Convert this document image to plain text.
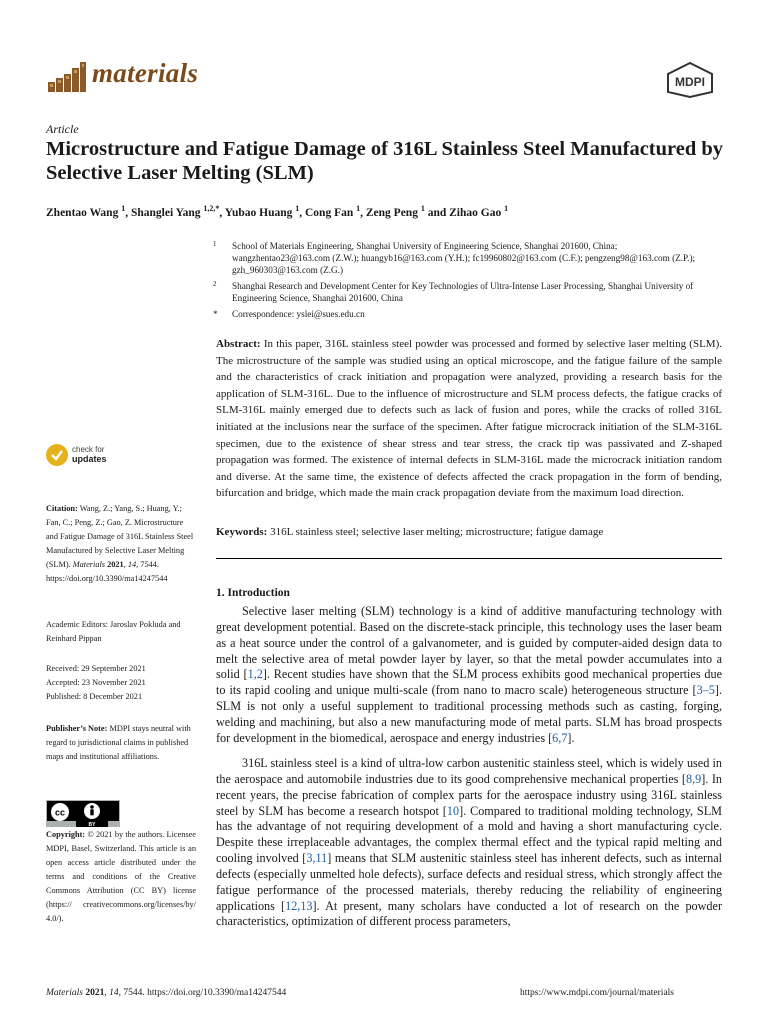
materials	MDPI
Article
Microstructure and Fatigue Damage of 316L Stainless Steel Manufactured by Selective Laser Melting (SLM)
Zhentao Wang $^1$, Shanglei Yang $^{1,2,*}$, Yubao Huang $^1$, Cong Fan $^1$, Zeng Peng $^1$ and Zihao Gao $^1$
1 School of Materials Engineering, Shanghai University of Engineering Science, Shanghai 201600, China; wangzhentao23@163.com (Z.W.); huangyb16@163.com (Y.H.); fc19960802@163.com (C.F.); pengzeng98@163.com (Z.P.); gzh_960303@163.com (Z.G.)
2 Shanghai Research and Development Center for Key Technologies of Ultra-Intense Laser Processing, Shanghai University of Engineering Science, Shanghai 201600, China
* Correspondence: yslei@sues.edu.cn
Abstract: In this paper, 316L stainless steel powder was processed and formed by selective laser melting (SLM). The microstructure of the sample was studied using an optical microscope, and the fatigue failure of the sample and the characteristics of crack initiation and propagation were analyzed, providing a research basis for the application of SLM-316L. Due to the influence of microstructure and SLM process defects, the fatigue cracks of SLM-316L mainly emerged due to defects such as lack of fusion and pores, while the cracks of rolled 316L initiated at the inclusions near the surface of the specimen. After fatigue microcrack initiation of the SLM-316L specimen, due to the existence of shear stress and tear stress, the crack tip was passivated and Z-shaped propagation was formed. The existence of internal defects in SLM-316L made the microcrack initiation random and diverse. At the same time, the existence of defects affected the crack propagation in the form of bending, bifurcation and bridge, which made the main crack propagation deviate from the maximum load direction.
Keywords: 316L stainless steel; selective laser melting; microstructure; fatigue damage
1. Introduction
Selective laser melting (SLM) technology is a kind of additive manufacturing technology with great development potential. Based on the discrete-stack principle, this technology uses the laser beam as a heat source under the control of a galvanometer, and is guided by computer-aided design data to melt the selective area of metal powder layer by layer, so that the metal powder accumulates into a solid [1,2]. Recent studies have shown that the SLM process exhibits good mechanical properties due to its rapid cooling and unique multi-scale (from nano to macro scale) heterogeneous structure [3–5]. SLM is not only a useful supplement to traditional processing methods such as casting, forging, welding and machining, but also a new manufacturing mode of metal parts. SLM has broad prospects for development in the biomedical, aerospace and energy industries [6,7].
316L stainless steel is a kind of ultra-low carbon austenitic stainless steel, which is widely used in the aerospace and automobile industries due to its good comprehensive mechanical properties [8,9]. In recent years, the precise fabrication of complex parts for the aerospace industry using 316L stainless steel by SLM has become a research hotspot [10]. Compared to traditional molding technology, SLM has the advantage of not requiring development of a mold and having a short manufacturing cycle. Despite these irreplaceable advantages, the complex thermal effect and the typical rapid melting and cooling involved [3,11] means that SLM austenitic stainless steel has inherent defects, such as internal defects (especially unmelted hole defects), surface defects and residual stress, which strongly affect the fatigue performance of the processed materials, thereby reducing the reliability of engineering applications [12,13]. At present, many scholars have conducted a lot of research on the powder characteristics, optimization of different process parameters,
check for
updates
Citation: Wang, Z.; Yang, S.; Huang, Y.; Fan, C.; Peng, Z.; Gao, Z. Microstructure and Fatigue Damage of 316L Stainless Steel Manufactured by Selective Laser Melting (SLM). Materials 2021, 14, 7544. https://doi.org/10.3390/ma14247544
Academic Editors: Jaroslav Pokluda and Reinhard Pippan
Received: 29 September 2021
Accepted: 23 November 2021
Published: 8 December 2021
Publisher’s Note: MDPI stays neutral with regard to jurisdictional claims in published maps and institutional affiliations.
cc
BY
Copyright: © 2021 by the authors. Licensee MDPI, Basel, Switzerland. This article is an open access article distributed under the terms and conditions of the Creative Commons Attribution (CC BY) license (https:// creativecommons.org/licenses/by/ 4.0/).
Materials 2021, 14, 7544. https://doi.org/10.3390/ma14247544	https://www.mdpi.com/journal/materials
